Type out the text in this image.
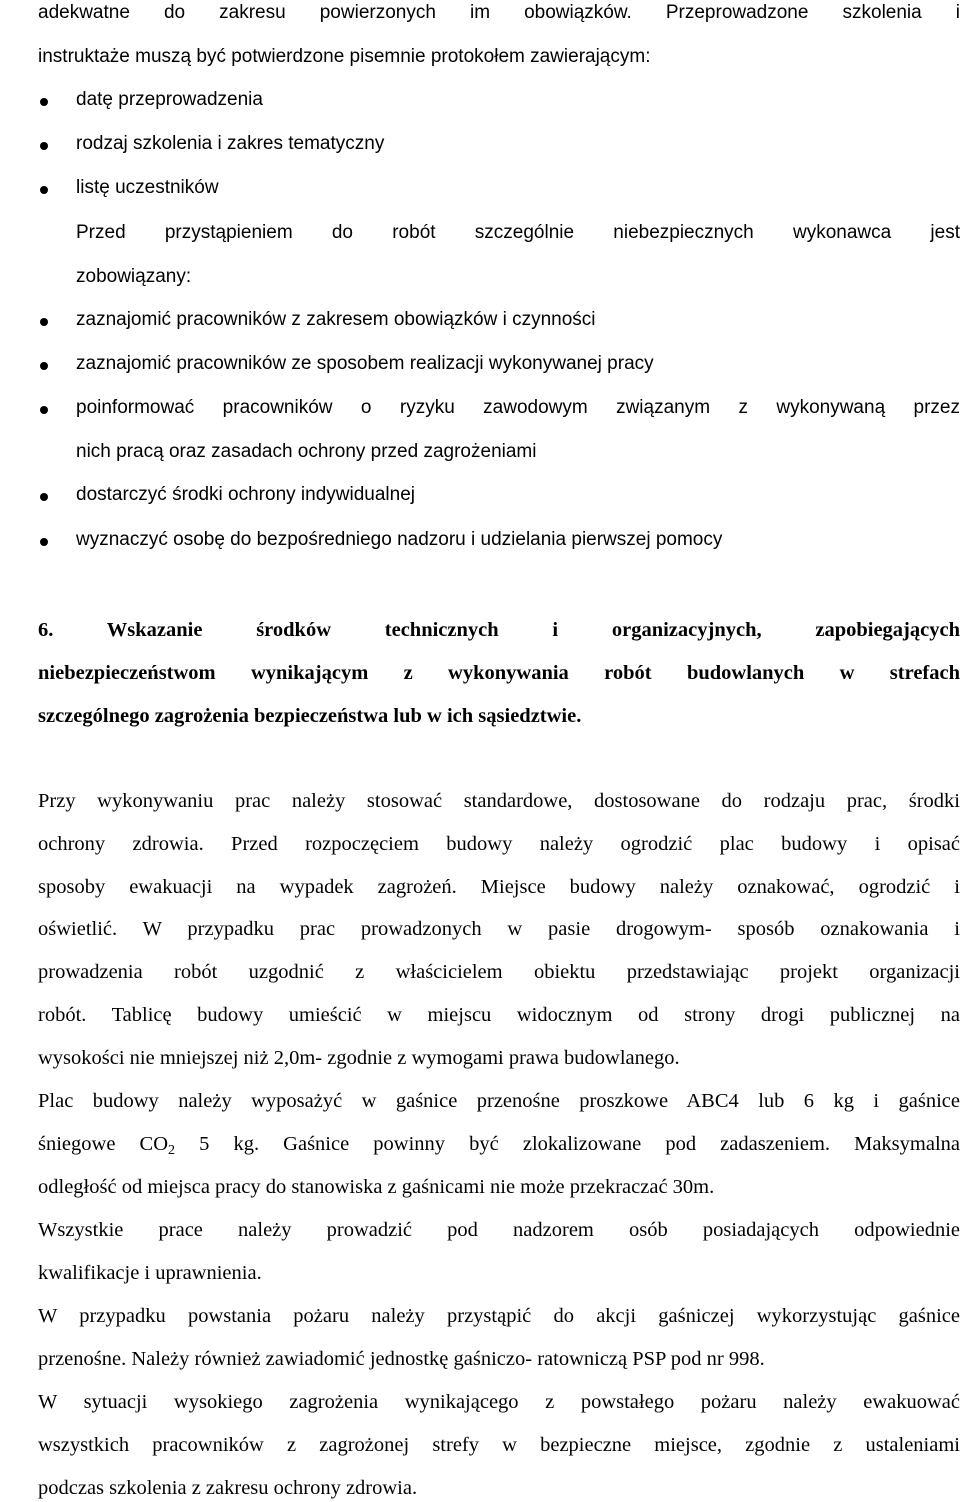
adekwatne do zakresu powierzonych im obowiązków. Przeprowadzone szkolenia i
instruktaże muszą być potwierdzone pisemnie protokołem zawierającym:
datę przeprowadzenia
rodzaj szkolenia i zakres tematyczny
listę uczestników
Przed przystąpieniem do robót szczególnie niebezpiecznych wykonawca jest
zobowiązany:
zaznajomić pracowników z zakresem obowiązków i czynności
zaznajomić pracowników ze sposobem realizacji wykonywanej pracy
poinformować pracowników o ryzyku zawodowym związanym z wykonywaną przez
nich pracą oraz zasadach ochrony przed zagrożeniami
dostarczyć środki ochrony indywidualnej
wyznaczyć osobę do bezpośredniego nadzoru i udzielania pierwszej pomocy
6. Wskazanie środków technicznych i organizacyjnych, zapobiegających
niebezpieczeństwom wynikającym z wykonywania robót budowlanych w strefach
szczególnego zagrożenia bezpieczeństwa lub w ich sąsiedztwie.
Przy wykonywaniu prac należy stosować standardowe, dostosowane do rodzaju prac, środki
ochrony zdrowia. Przed rozpoczęciem budowy należy ogrodzić plac budowy i opisać
sposoby ewakuacji na wypadek zagrożeń. Miejsce budowy należy oznakować, ogrodzić i
oświetlić. W przypadku prac prowadzonych w pasie drogowym- sposób oznakowania i
prowadzenia robót uzgodnić z właścicielem obiektu przedstawiając projekt organizacji
robót. Tablicę budowy umieścić w miejscu widocznym od strony drogi publicznej na
wysokości nie mniejszej niż 2,0m- zgodnie z wymogami prawa budowlanego.
Plac budowy należy wyposażyć w gaśnice przenośne proszkowe ABC4 lub 6 kg i gaśnice
śniegowe $CO_2$ 5 kg. Gaśnice powinny być zlokalizowane pod zadaszeniem. Maksymalna
odległość od miejsca pracy do stanowiska z gaśnicami nie może przekraczać 30m.
Wszystkie prace należy prowadzić pod nadzorem osób posiadających odpowiednie
kwalifikacje i uprawnienia.
W przypadku powstania pożaru należy przystąpić do akcji gaśniczej wykorzystując gaśnice
przenośne. Należy również zawiadomić jednostkę gaśniczo- ratowniczą PSP pod nr 998.
W sytuacji wysokiego zagrożenia wynikającego z powstałego pożaru należy ewakuować
wszystkich pracowników z zagrożonej strefy w bezpieczne miejsce, zgodnie z ustaleniami
podczas szkolenia z zakresu ochrony zdrowia.
